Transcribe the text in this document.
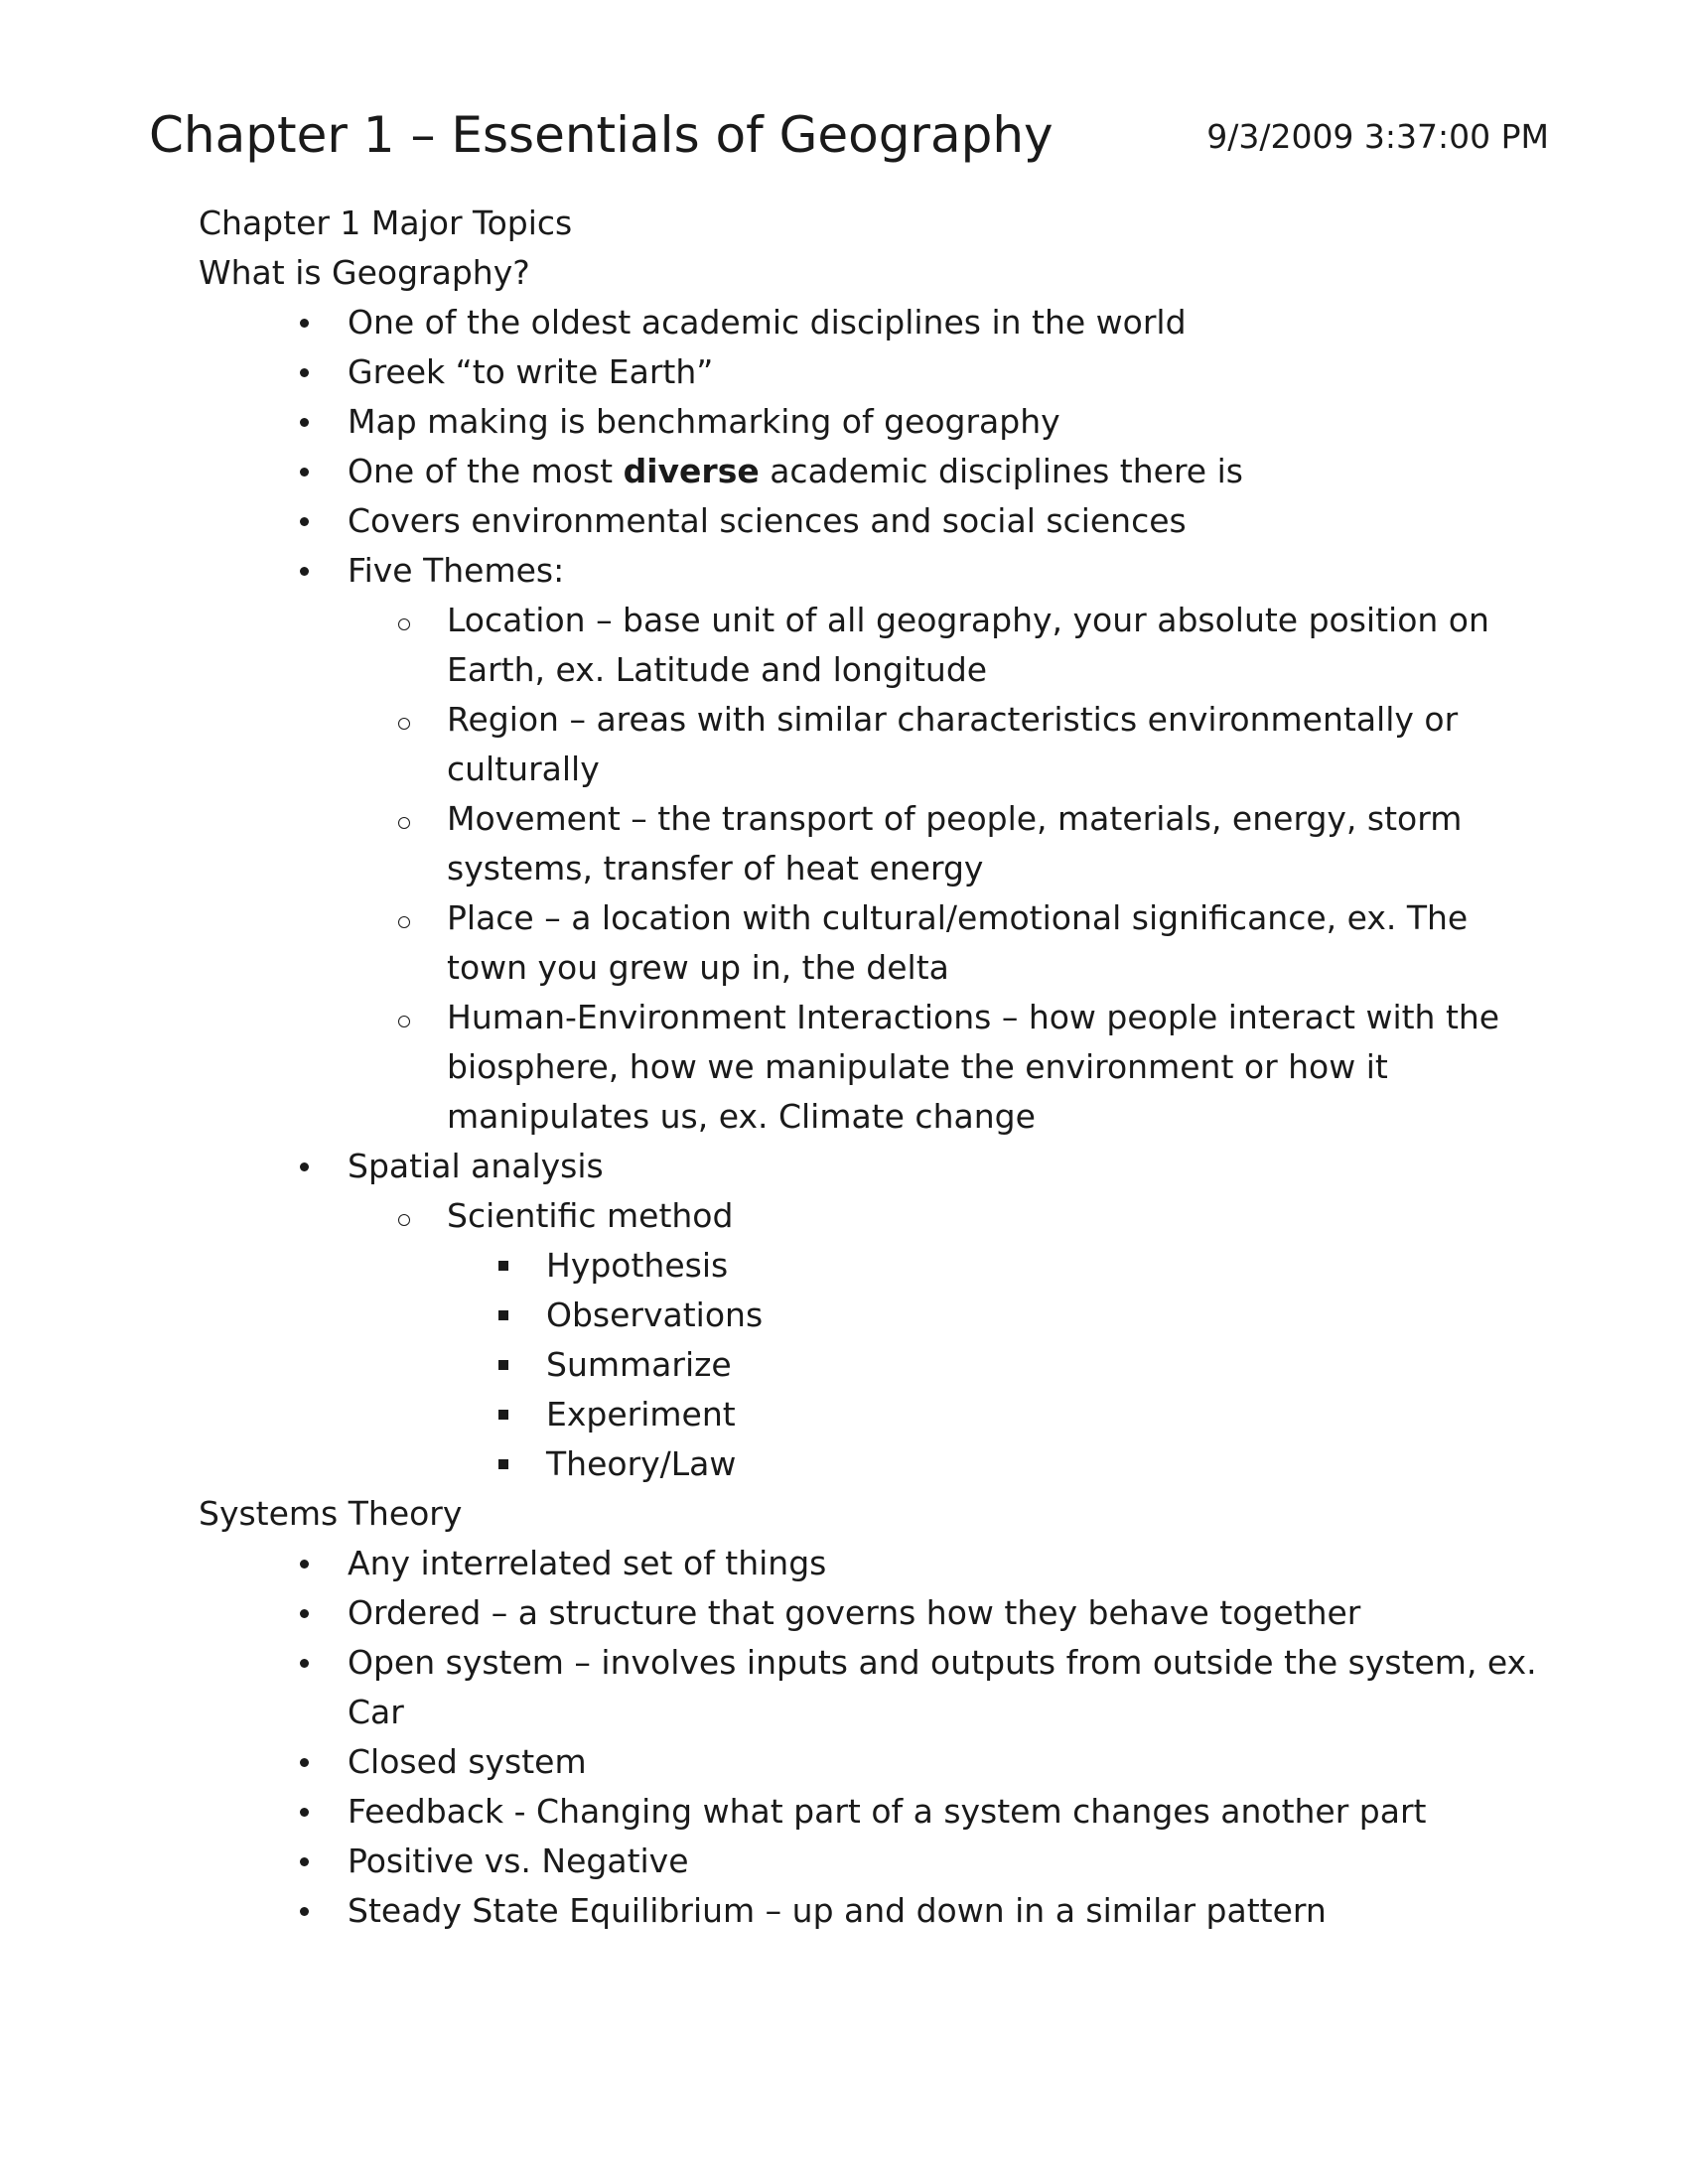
Chapter 1 – Essentials of Geography	9/3/2009 3:37:00 PM
Chapter 1 Major Topics
What is Geography?
One of the oldest academic disciplines in the world
Greek “to write Earth”
Map making is benchmarking of geography
One of the most diverse academic disciplines there is
Covers environmental sciences and social sciences
Five Themes:
Location – base unit of all geography, your absolute position on Earth, ex. Latitude and longitude
Region – areas with similar characteristics environmentally or culturally
Movement – the transport of people, materials, energy, storm systems, transfer of heat energy
Place – a location with cultural/emotional significance, ex. The town you grew up in, the delta
Human-Environment Interactions – how people interact with the biosphere, how we manipulate the environment or how it manipulates us, ex. Climate change
Spatial analysis
Scientific method
Hypothesis
Observations
Summarize
Experiment
Theory/Law
Systems Theory
Any interrelated set of things
Ordered – a structure that governs how they behave together
Open system – involves inputs and outputs from outside the system, ex. Car
Closed system
Feedback - Changing what part of a system changes another part
Positive vs. Negative
Steady State Equilibrium – up and down in a similar pattern
